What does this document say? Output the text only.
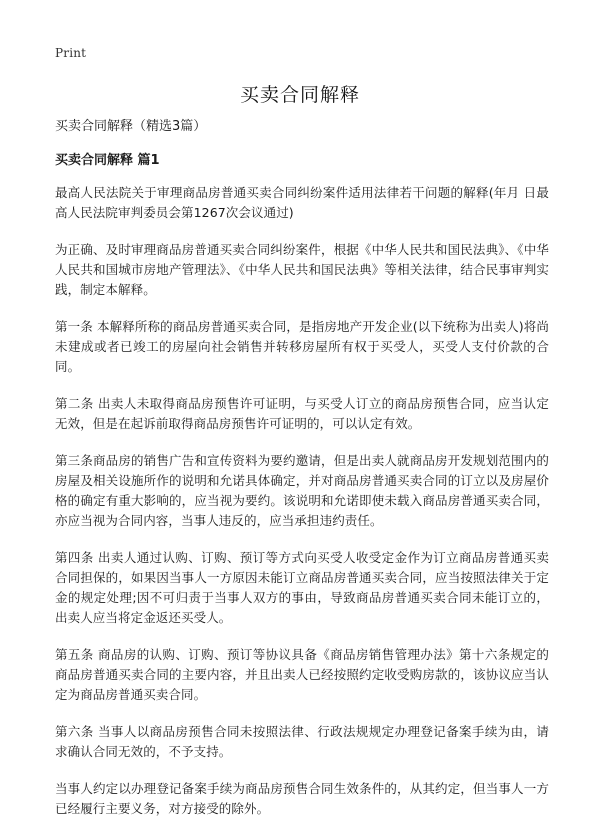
Print
买卖合同解释
买卖合同解释（精选3篇）
买卖合同解释 篇1

最高人民法院关于审理商品房普通买卖合同纠纷案件适用法律若干问题的解释(年月 日最高人民法院审判委员会第1267次会议通过)

为正确、及时审理商品房普通买卖合同纠纷案件，根据《中华人民共和国民法典》、《中华人民共和国城市房地产管理法》、《中华人民共和国民法典》等相关法律，结合民事审判实践，制定本解释。

第一条 本解释所称的商品房普通买卖合同，是指房地产开发企业(以下统称为出卖人)将尚未建成或者已竣工的房屋向社会销售并转移房屋所有权于买受人，买受人支付价款的合同。

第二条 出卖人未取得商品房预售许可证明，与买受人订立的商品房预售合同，应当认定无效，但是在起诉前取得商品房预售许可证明的，可以认定有效。

第三条商品房的销售广告和宣传资料为要约邀请，但是出卖人就商品房开发规划范围内的房屋及相关设施所作的说明和允诺具体确定，并对商品房普通买卖合同的订立以及房屋价格的确定有重大影响的，应当视为要约。该说明和允诺即使未载入商品房普通买卖合同，亦应当视为合同内容，当事人违反的，应当承担违约责任。

第四条 出卖人通过认购、订购、预订等方式向买受人收受定金作为订立商品房普通买卖合同担保的，如果因当事人一方原因未能订立商品房普通买卖合同，应当按照法律关于定金的规定处理;因不可归责于当事人双方的事由，导致商品房普通买卖合同未能订立的，出卖人应当将定金返还买受人。

第五条 商品房的认购、订购、预订等协议具备《商品房销售管理办法》第十六条规定的商品房普通买卖合同的主要内容，并且出卖人已经按照约定收受购房款的，该协议应当认定为商品房普通买卖合同。

第六条 当事人以商品房预售合同未按照法律、行政法规规定办理登记备案手续为由，请求确认合同无效的，不予支持。

当事人约定以办理登记备案手续为商品房预售合同生效条件的，从其约定，但当事人一方已经履行主要义务，对方接受的除外。
